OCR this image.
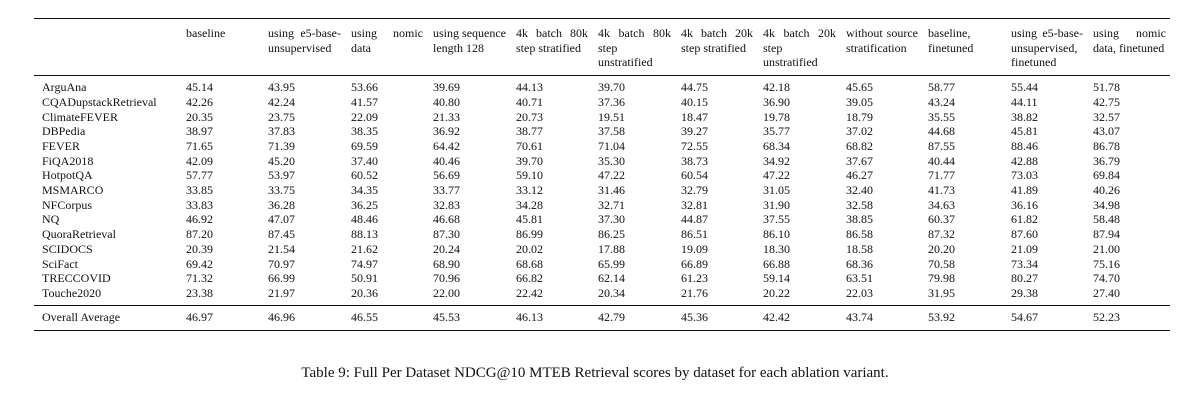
	baseline	using e5-base-unsupervised	using nomic data	using sequence length 128	4k batch 80k step stratified	4k batch 80k step unstratified	4k batch 20k step stratified	4k batch 20k step unstratified	without source stratification	baseline, finetuned	using e5-base-unsupervised, finetuned	using nomic data, finetuned
ArguAna	45.14	43.95	53.66	39.69	44.13	39.70	44.75	42.18	45.65	58.77	55.44	51.78
CQADupstackRetrieval	42.26	42.24	41.57	40.80	40.71	37.36	40.15	36.90	39.05	43.24	44.11	42.75
ClimateFEVER	20.35	23.75	22.09	21.33	20.73	19.51	18.47	19.78	18.79	35.55	38.82	32.57
DBPedia	38.97	37.83	38.35	36.92	38.77	37.58	39.27	35.77	37.02	44.68	45.81	43.07
FEVER	71.65	71.39	69.59	64.42	70.61	71.04	72.55	68.34	68.82	87.55	88.46	86.78
FiQA2018	42.09	45.20	37.40	40.46	39.70	35.30	38.73	34.92	37.67	40.44	42.88	36.79
HotpotQA	57.77	53.97	60.52	56.69	59.10	47.22	60.54	47.22	46.27	71.77	73.03	69.84
MSMARCO	33.85	33.75	34.35	33.77	33.12	31.46	32.79	31.05	32.40	41.73	41.89	40.26
NFCorpus	33.83	36.28	36.25	32.83	34.28	32.71	32.81	31.90	32.58	34.63	36.16	34.98
NQ	46.92	47.07	48.46	46.68	45.81	37.30	44.87	37.55	38.85	60.37	61.82	58.48
QuoraRetrieval	87.20	87.45	88.13	87.30	86.99	86.25	86.51	86.10	86.58	87.32	87.60	87.94
SCIDOCS	20.39	21.54	21.62	20.24	20.02	17.88	19.09	18.30	18.58	20.20	21.09	21.00
SciFact	69.42	70.97	74.97	68.90	68.68	65.99	66.89	66.88	68.36	70.58	73.34	75.16
TRECCOVID	71.32	66.99	50.91	70.96	66.82	62.14	61.23	59.14	63.51	79.98	80.27	74.70
Touche2020	23.38	21.97	20.36	22.00	22.42	20.34	21.76	20.22	22.03	31.95	29.38	27.40
Overall Average	46.97	46.96	46.55	45.53	46.13	42.79	45.36	42.42	43.74	53.92	54.67	52.23
Table 9: Full Per Dataset NDCG@10 MTEB Retrieval scores by dataset for each ablation variant.
